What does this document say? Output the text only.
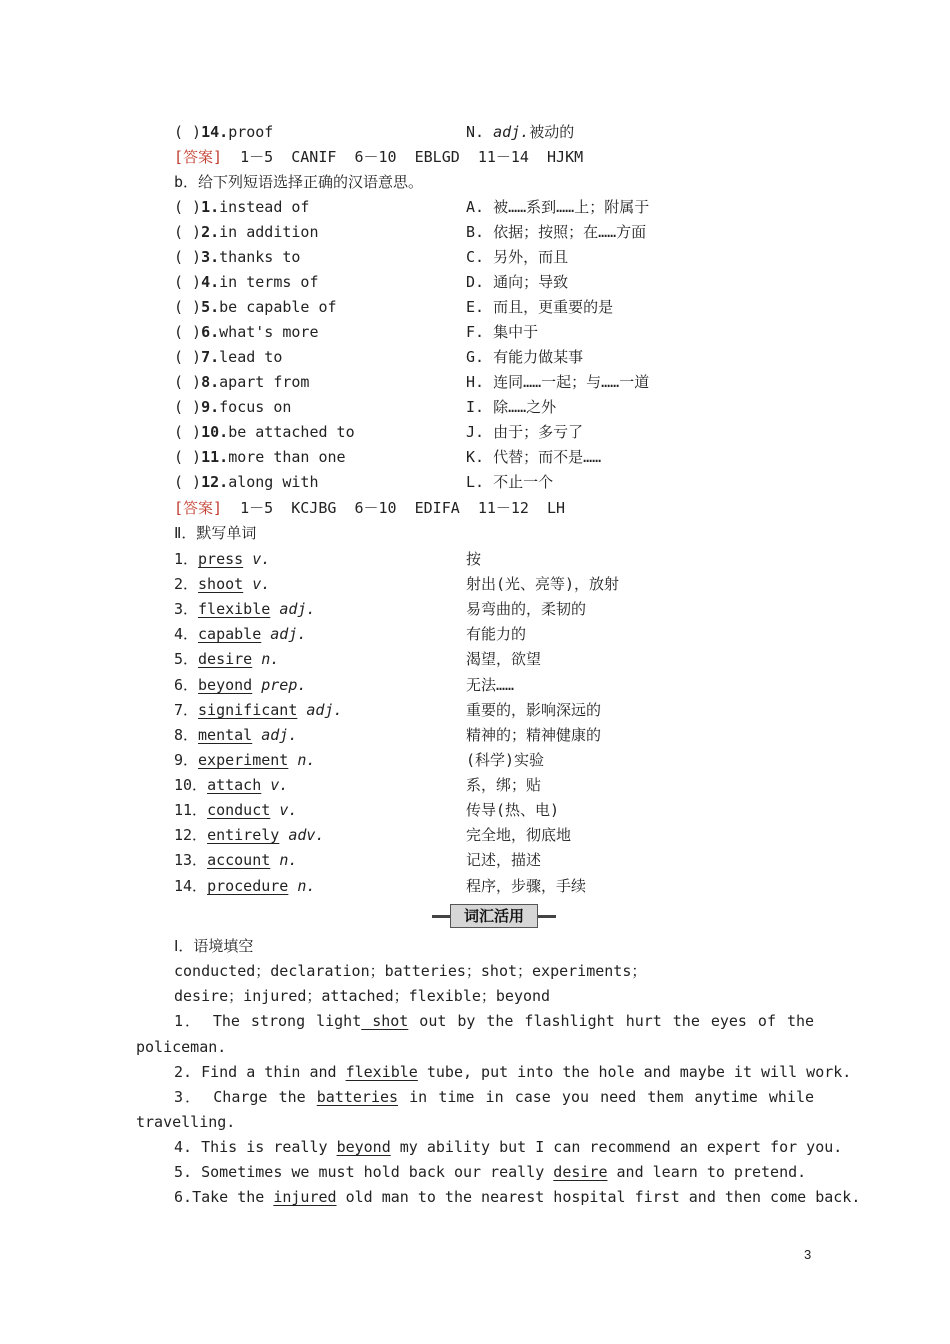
( )14.proof	N. adj.被动的
[答案]  1－5  CANIF  6－10  EBLGD  11－14  HJKM
b．给下列短语选择正确的汉语意思。
( )1.instead of	A. 被……系到……上；附属于
( )2.in addition	B. 依据；按照；在……方面
( )3.thanks to	C. 另外，而且
( )4.in terms of	D. 通向；导致
( )5.be capable of	E. 而且，更重要的是
( )6.what's more	F. 集中于
( )7.lead to	G. 有能力做某事
( )8.apart from	H. 连同……一起；与……一道
( )9.focus on	I. 除……之外
( )10.be attached to	J. 由于；多亏了
( )11.more than one	K. 代替；而不是……
( )12.along with	L. 不止一个
[答案]  1－5  KCJBG  6－10  EDIFA  11－12  LH
Ⅱ．默写单词
1．press v.	按
2．shoot v.	射出(光、亮等)，放射
3．flexible adj.	易弯曲的，柔韧的
4．capable adj.	有能力的
5．desire n.	渴望，欲望
6．beyond prep.	无法……
7．significant adj.	重要的，影响深远的
8．mental adj.	精神的；精神健康的
9．experiment n.	(科学)实验
10．attach v.	系，绑；贴
11．conduct v.	传导(热、电)
12．entirely adv.	完全地，彻底地
13．account n.	记述，描述
14．procedure n.	程序，步骤，手续
词汇活用
Ⅰ．语境填空
conducted；declaration；batteries；shot；experiments；
desire；injured；attached；flexible；beyond
1． The strong light shot out by the flashlight hurt the eyes of the
policeman.
2. Find a thin and flexible tube, put into the hole and maybe it will work.
3． Charge the batteries in time in case you need them anytime while
travelling.
4. This is really beyond my ability but I can recommend an expert for you.
5. Sometimes we must hold back our really desire and learn to pretend.
6.Take the injured old man to the nearest hospital first and then come back.
3
